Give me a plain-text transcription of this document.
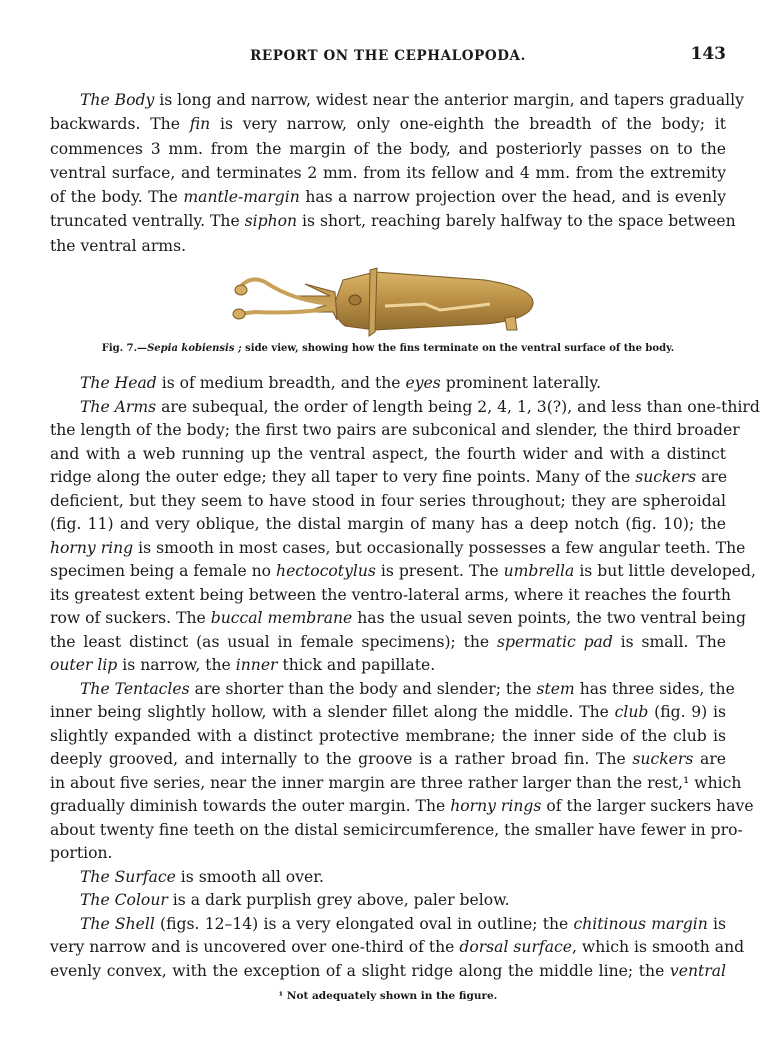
REPORT ON THE CEPHALOPODA.	143
The Body is long and narrow, widest near the anterior margin, and tapers gradually
backwards. The fin is very narrow, only one-eighth the breadth of the body; it
commences 3 mm. from the margin of the body, and posteriorly passes on to the
ventral surface, and terminates 2 mm. from its fellow and 4 mm. from the extremity
of the body. The mantle-margin has a narrow projection over the head, and is evenly
truncated ventrally. The siphon is short, reaching barely halfway to the space between
the ventral arms.
Fig. 7.—Sepia kobiensis ; side view, showing how the fins terminate on the ventral surface of the body.
The Head is of medium breadth, and the eyes prominent laterally.
The Arms are subequal, the order of length being 2, 4, 1, 3(?), and less than one-third
the length of the body; the first two pairs are subconical and slender, the third broader
and with a web running up the ventral aspect, the fourth wider and with a distinct
ridge along the outer edge; they all taper to very fine points. Many of the suckers are
deficient, but they seem to have stood in four series throughout; they are spheroidal
(fig. 11) and very oblique, the distal margin of many has a deep notch (fig. 10); the
horny ring is smooth in most cases, but occasionally possesses a few angular teeth. The
specimen being a female no hectocotylus is present. The umbrella is but little developed,
its greatest extent being between the ventro-lateral arms, where it reaches the fourth
row of suckers. The buccal membrane has the usual seven points, the two ventral being
the least distinct (as usual in female specimens); the spermatic pad is small. The
outer lip is narrow, the inner thick and papillate.
The Tentacles are shorter than the body and slender; the stem has three sides, the
inner being slightly hollow, with a slender fillet along the middle. The club (fig. 9) is
slightly expanded with a distinct protective membrane; the inner side of the club is
deeply grooved, and internally to the groove is a rather broad fin. The suckers are
in about five series, near the inner margin are three rather larger than the rest,¹ which
gradually diminish towards the outer margin. The horny rings of the larger suckers have
about twenty fine teeth on the distal semicircumference, the smaller have fewer in pro-
portion.
The Surface is smooth all over.
The Colour is a dark purplish grey above, paler below.
The Shell (figs. 12–14) is a very elongated oval in outline; the chitinous margin is
very narrow and is uncovered over one-third of the dorsal surface, which is smooth and
evenly convex, with the exception of a slight ridge along the middle line; the ventral
¹ Not adequately shown in the figure.
